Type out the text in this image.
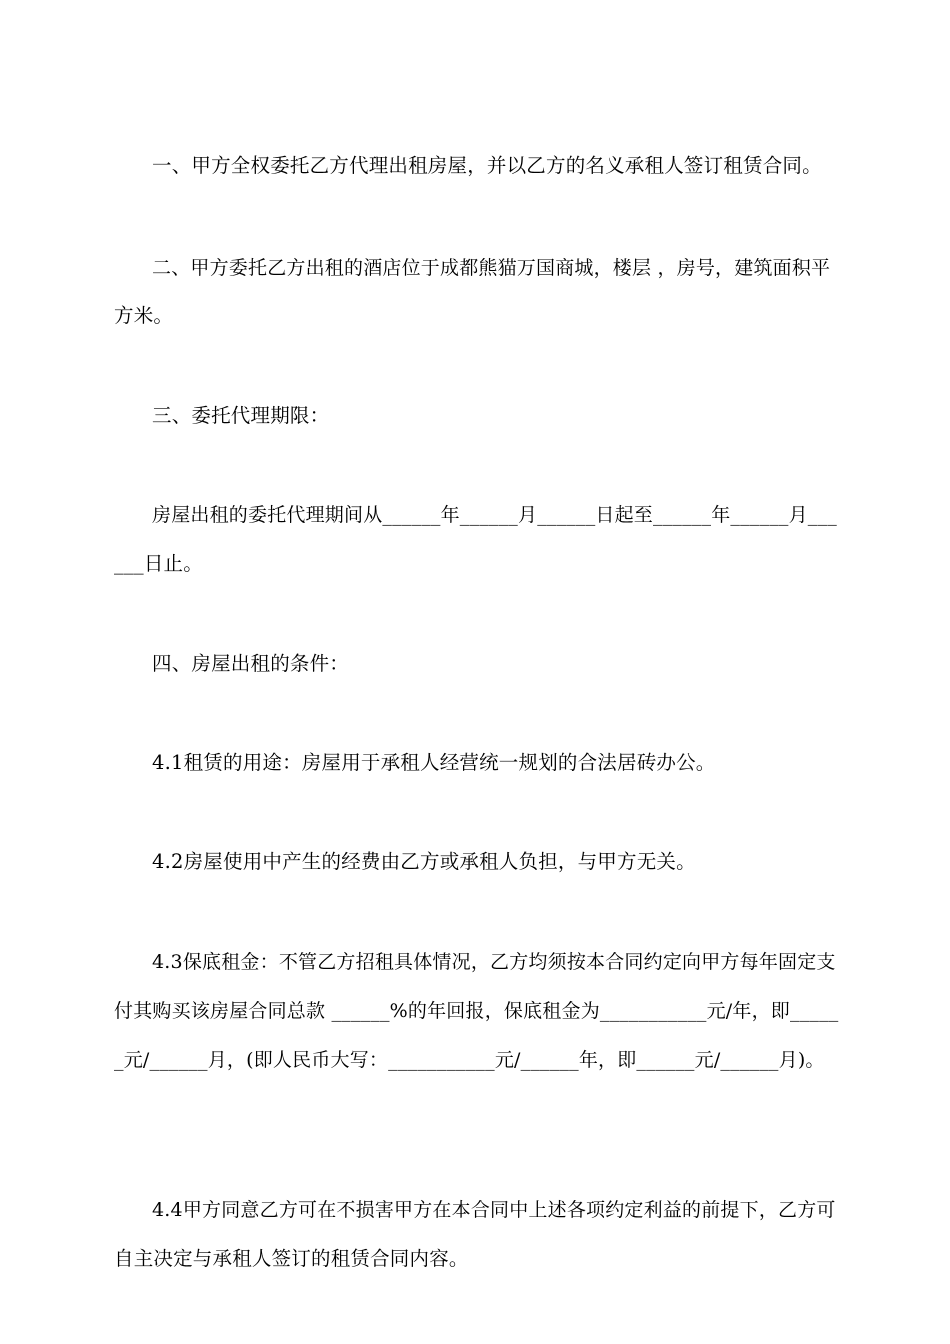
一、甲方全权委托乙方代理出租房屋，并以乙方的名义承租人签订租赁合同。
二、甲方委托乙方出租的酒店位于成都熊猫万国商城，楼层 ，房号，建筑面积平
方米。
三、委托代理期限：
房屋出租的委托代理期间从______年______月______日起至______年______月___
___日止。
四、房屋出租的条件：
4.1租赁的用途：房屋用于承租人经营统一规划的合法居砖办公。
4.2房屋使用中产生的经费由乙方或承租人负担，与甲方无关。
4.3保底租金：不管乙方招租具体情况，乙方均须按本合同约定向甲方每年固定支
付其购买该房屋合同总款 ______%的年回报，保底租金为___________元/年，即_____
_元/______月，(即人民币大写：___________元/______年，即______元/______月)。
4.4甲方同意乙方可在不损害甲方在本合同中上述各项约定利益的前提下，乙方可
自主决定与承租人签订的租赁合同内容。
